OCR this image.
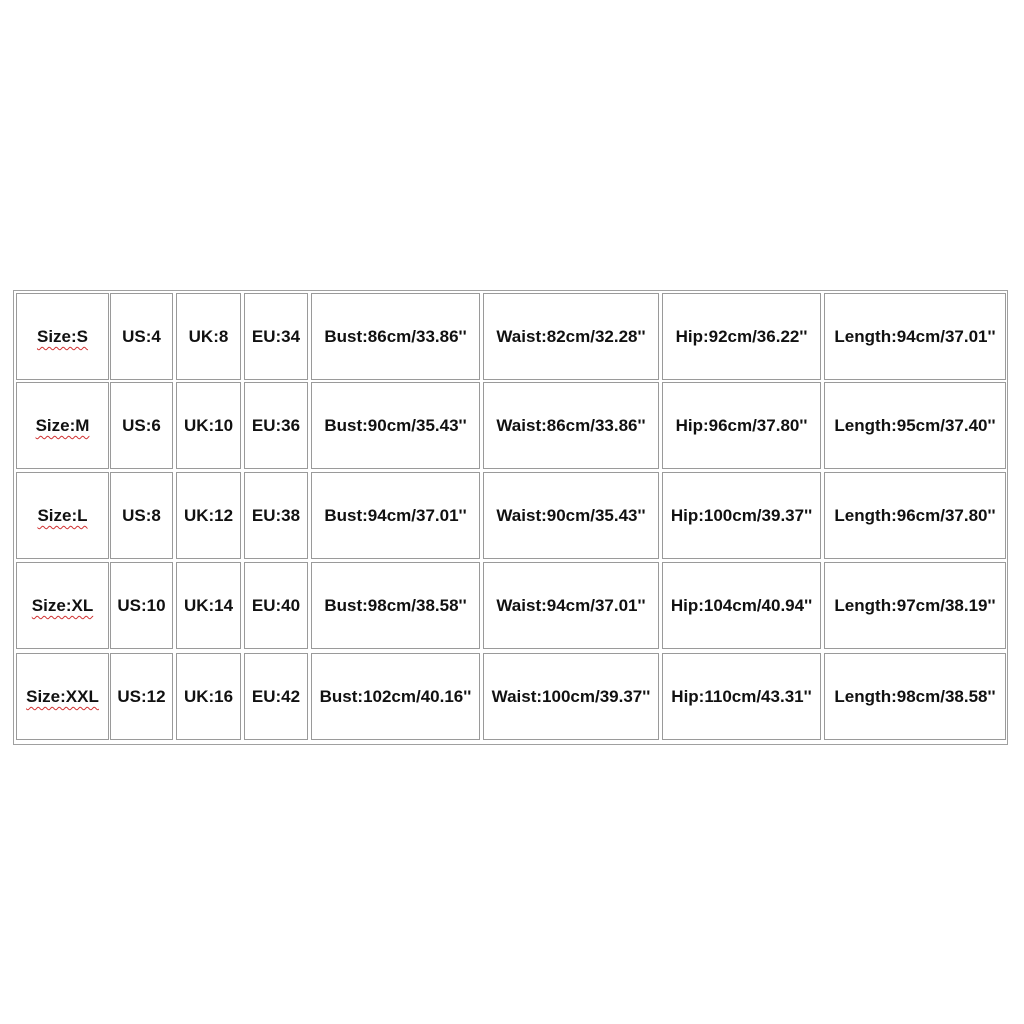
Size:S US:4 UK:8 EU:34 Bust:86cm/33.86'' Waist:82cm/32.28'' Hip:92cm/36.22'' Length:94cm/37.01''
Size:M US:6 UK:10 EU:36 Bust:90cm/35.43'' Waist:86cm/33.86'' Hip:96cm/37.80'' Length:95cm/37.40''
Size:L US:8 UK:12 EU:38 Bust:94cm/37.01'' Waist:90cm/35.43'' Hip:100cm/39.37'' Length:96cm/37.80''
Size:XL US:10 UK:14 EU:40 Bust:98cm/38.58'' Waist:94cm/37.01'' Hip:104cm/40.94'' Length:97cm/38.19''
Size:XXL US:12 UK:16 EU:42 Bust:102cm/40.16'' Waist:100cm/39.37'' Hip:110cm/43.31'' Length:98cm/38.58''
